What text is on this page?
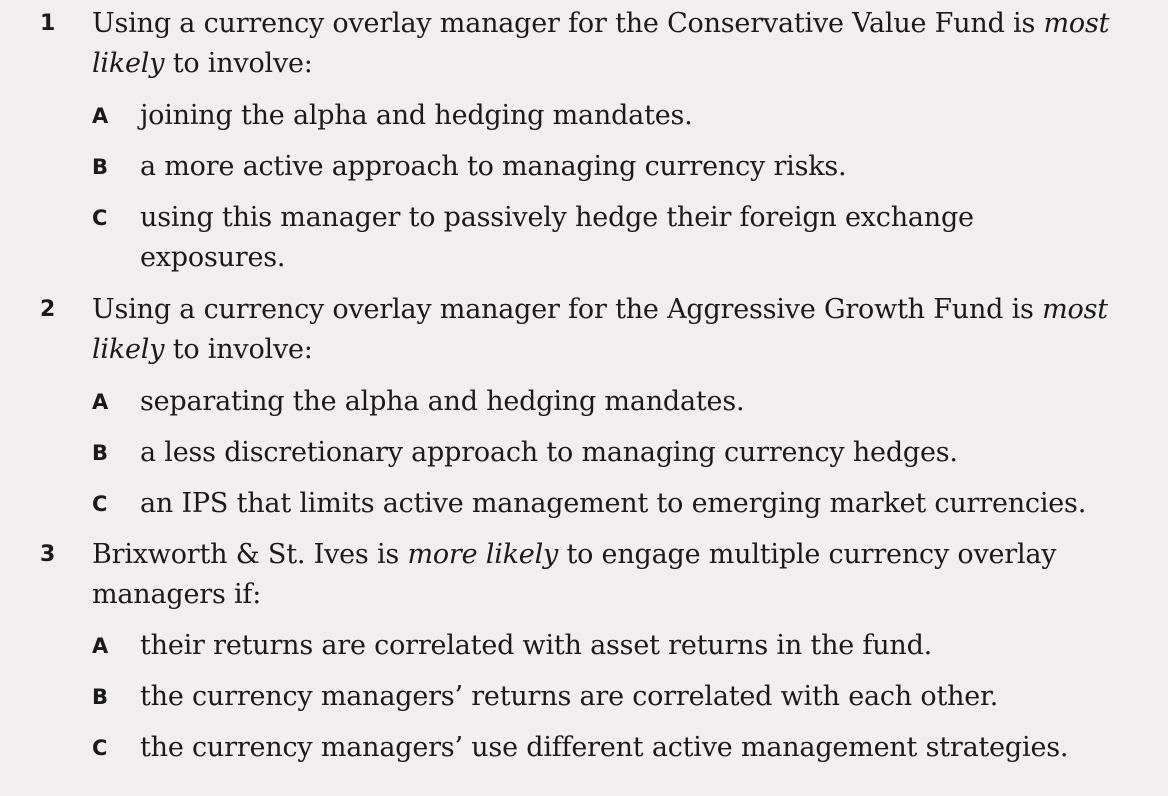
1	Using a currency overlay manager for the Conservative Value Fund is most likely to involve:
A	joining the alpha and hedging mandates.
B	a more active approach to managing currency risks.
C	using this manager to passively hedge their foreign exchange exposures.
2	Using a currency overlay manager for the Aggressive Growth Fund is most likely to involve:
A	separating the alpha and hedging mandates.
B	a less discretionary approach to managing currency hedges.
C	an IPS that limits active management to emerging market currencies.
3	Brixworth & St. Ives is more likely to engage multiple currency overlay managers if:
A	their returns are correlated with asset returns in the fund.
B	the currency managers’ returns are correlated with each other.
C	the currency managers’ use different active management strategies.
